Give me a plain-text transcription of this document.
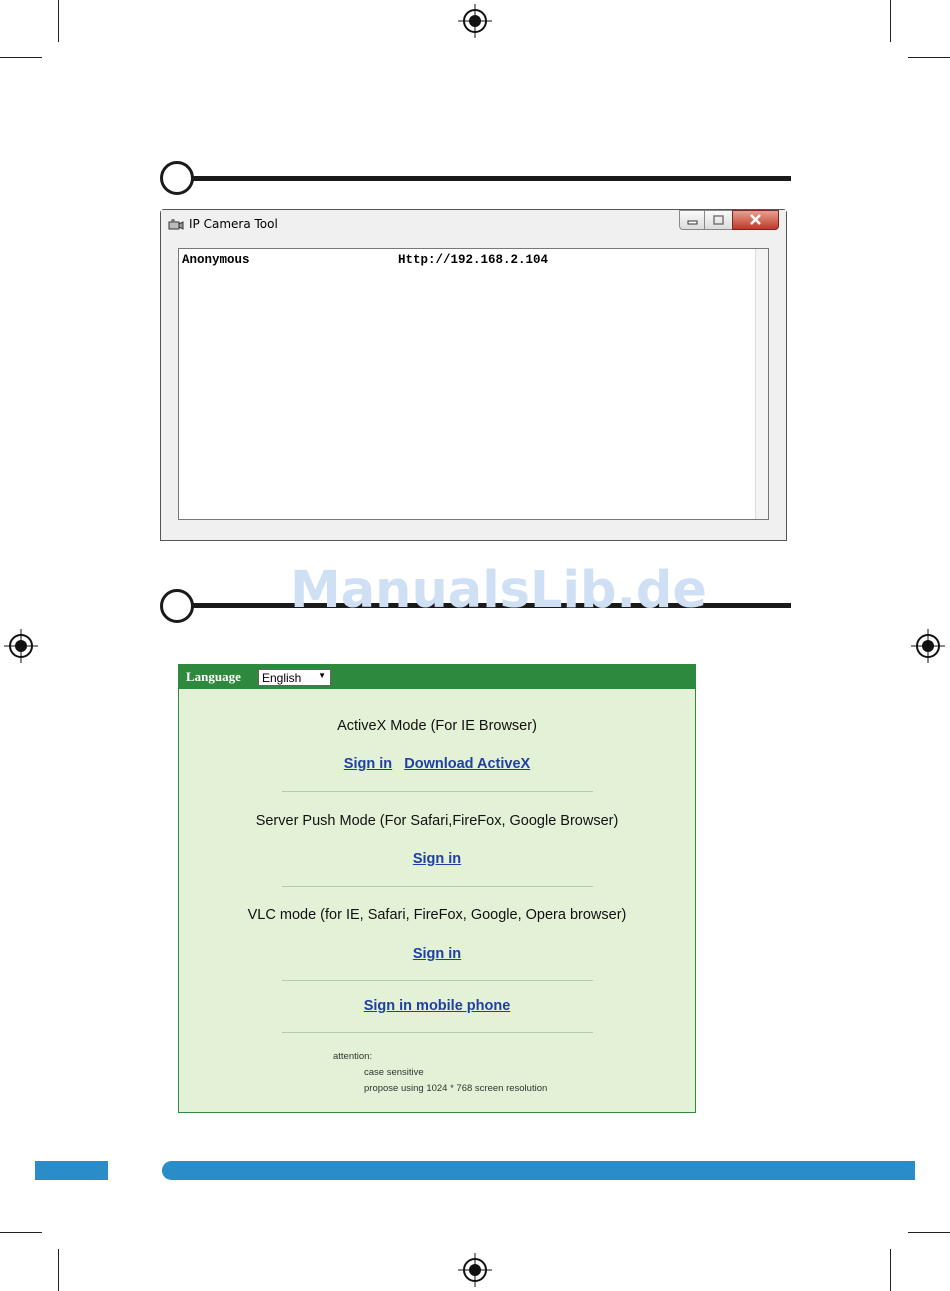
IP Camera Tool
Anonymous	Http://192.168.2.104
ManualsLib.de
Language English ▼
ActiveX Mode (For IE Browser)
Sign in Download ActiveX
Server Push Mode (For Safari,FireFox, Google Browser)
Sign in
VLC mode (for IE, Safari, FireFox, Google, Opera browser)
Sign in
Sign in mobile phone
attention:
case sensitive
propose using 1024 * 768 screen resolution
